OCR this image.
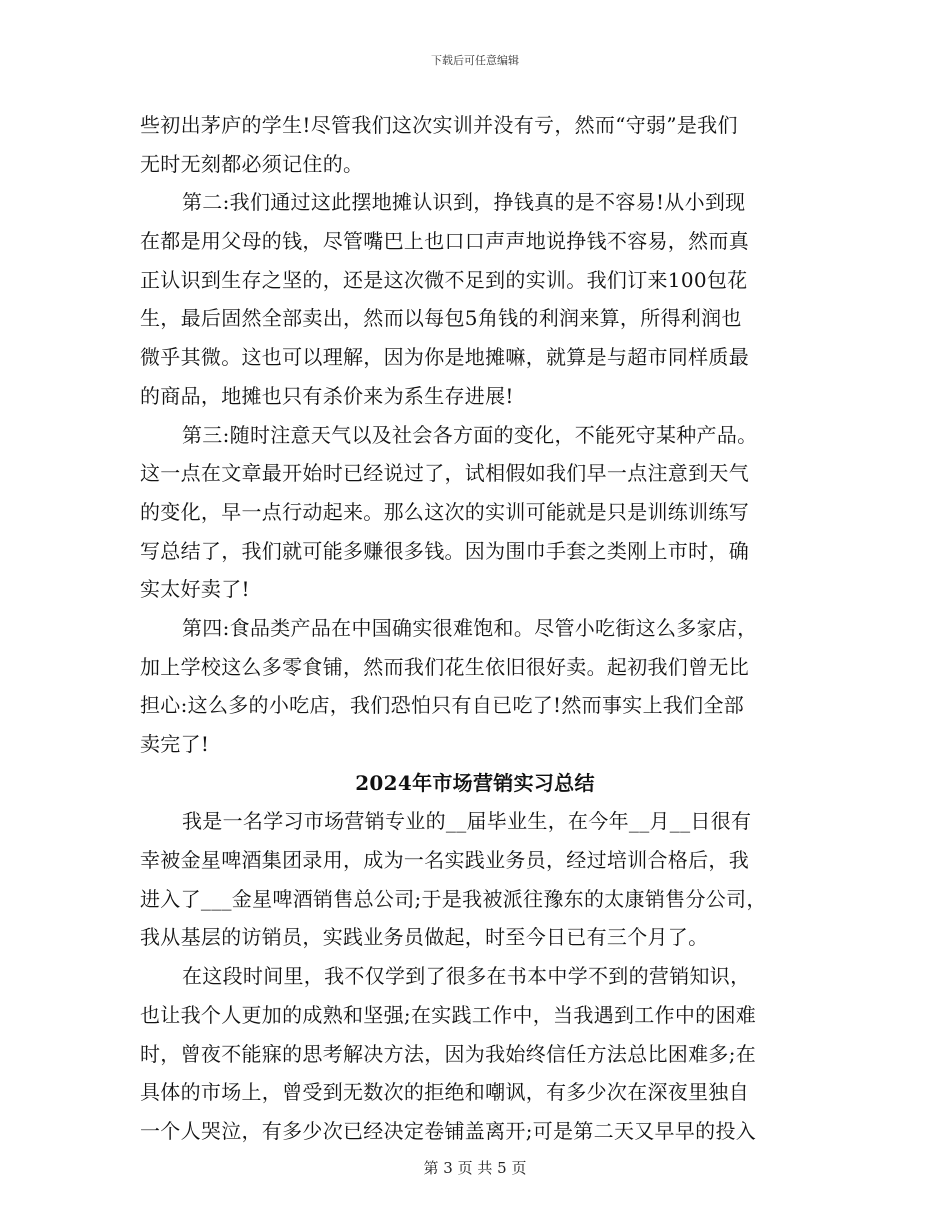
下载后可任意编辑
些初出茅庐的学生!尽管我们这次实训并没有亏，然而“守弱”是我们
无时无刻都必须记住的。
第二:我们通过这此摆地摊认识到，挣钱真的是不容易!从小到现
在都是用父母的钱，尽管嘴巴上也口口声声地说挣钱不容易，然而真
正认识到生存之坚的，还是这次微不足到的实训。我们订来100包花
生，最后固然全部卖出，然而以每包5角钱的利润来算，所得利润也
微乎其微。这也可以理解，因为你是地摊嘛，就算是与超市同样质最
的商品，地摊也只有杀价来为系生存进展!
第三:随时注意天气以及社会各方面的变化，不能死守某种产品。
这一点在文章最开始时已经说过了，试相假如我们早一点注意到天气
的变化，早一点行动起来。那么这次的实训可能就是只是训练训练写
写总结了，我们就可能多赚很多钱。因为围巾手套之类刚上市时，确
实太好卖了!
第四:食品类产品在中国确实很难饱和。尽管小吃街这么多家店，
加上学校这么多零食铺，然而我们花生依旧很好卖。起初我们曾无比
担心:这么多的小吃店，我们恐怕只有自已吃了!然而事实上我们全部
卖完了!
2024年市场营销实习总结
我是一名学习市场营销专业的__届毕业生，在今年__月__日很有
幸被金星啤酒集团录用，成为一名实践业务员，经过培训合格后，我
进入了___金星啤酒销售总公司;于是我被派往豫东的太康销售分公司，
我从基层的访销员，实践业务员做起，时至今日已有三个月了。
在这段时间里，我不仅学到了很多在书本中学不到的营销知识，
也让我个人更加的成熟和坚强;在实践工作中，当我遇到工作中的困难
时，曾夜不能寐的思考解决方法，因为我始终信任方法总比困难多;在
具体的市场上，曾受到无数次的拒绝和嘲讽，有多少次在深夜里独自
一个人哭泣，有多少次已经决定卷铺盖离开;可是第二天又早早的投入
第 3 页 共 5 页
